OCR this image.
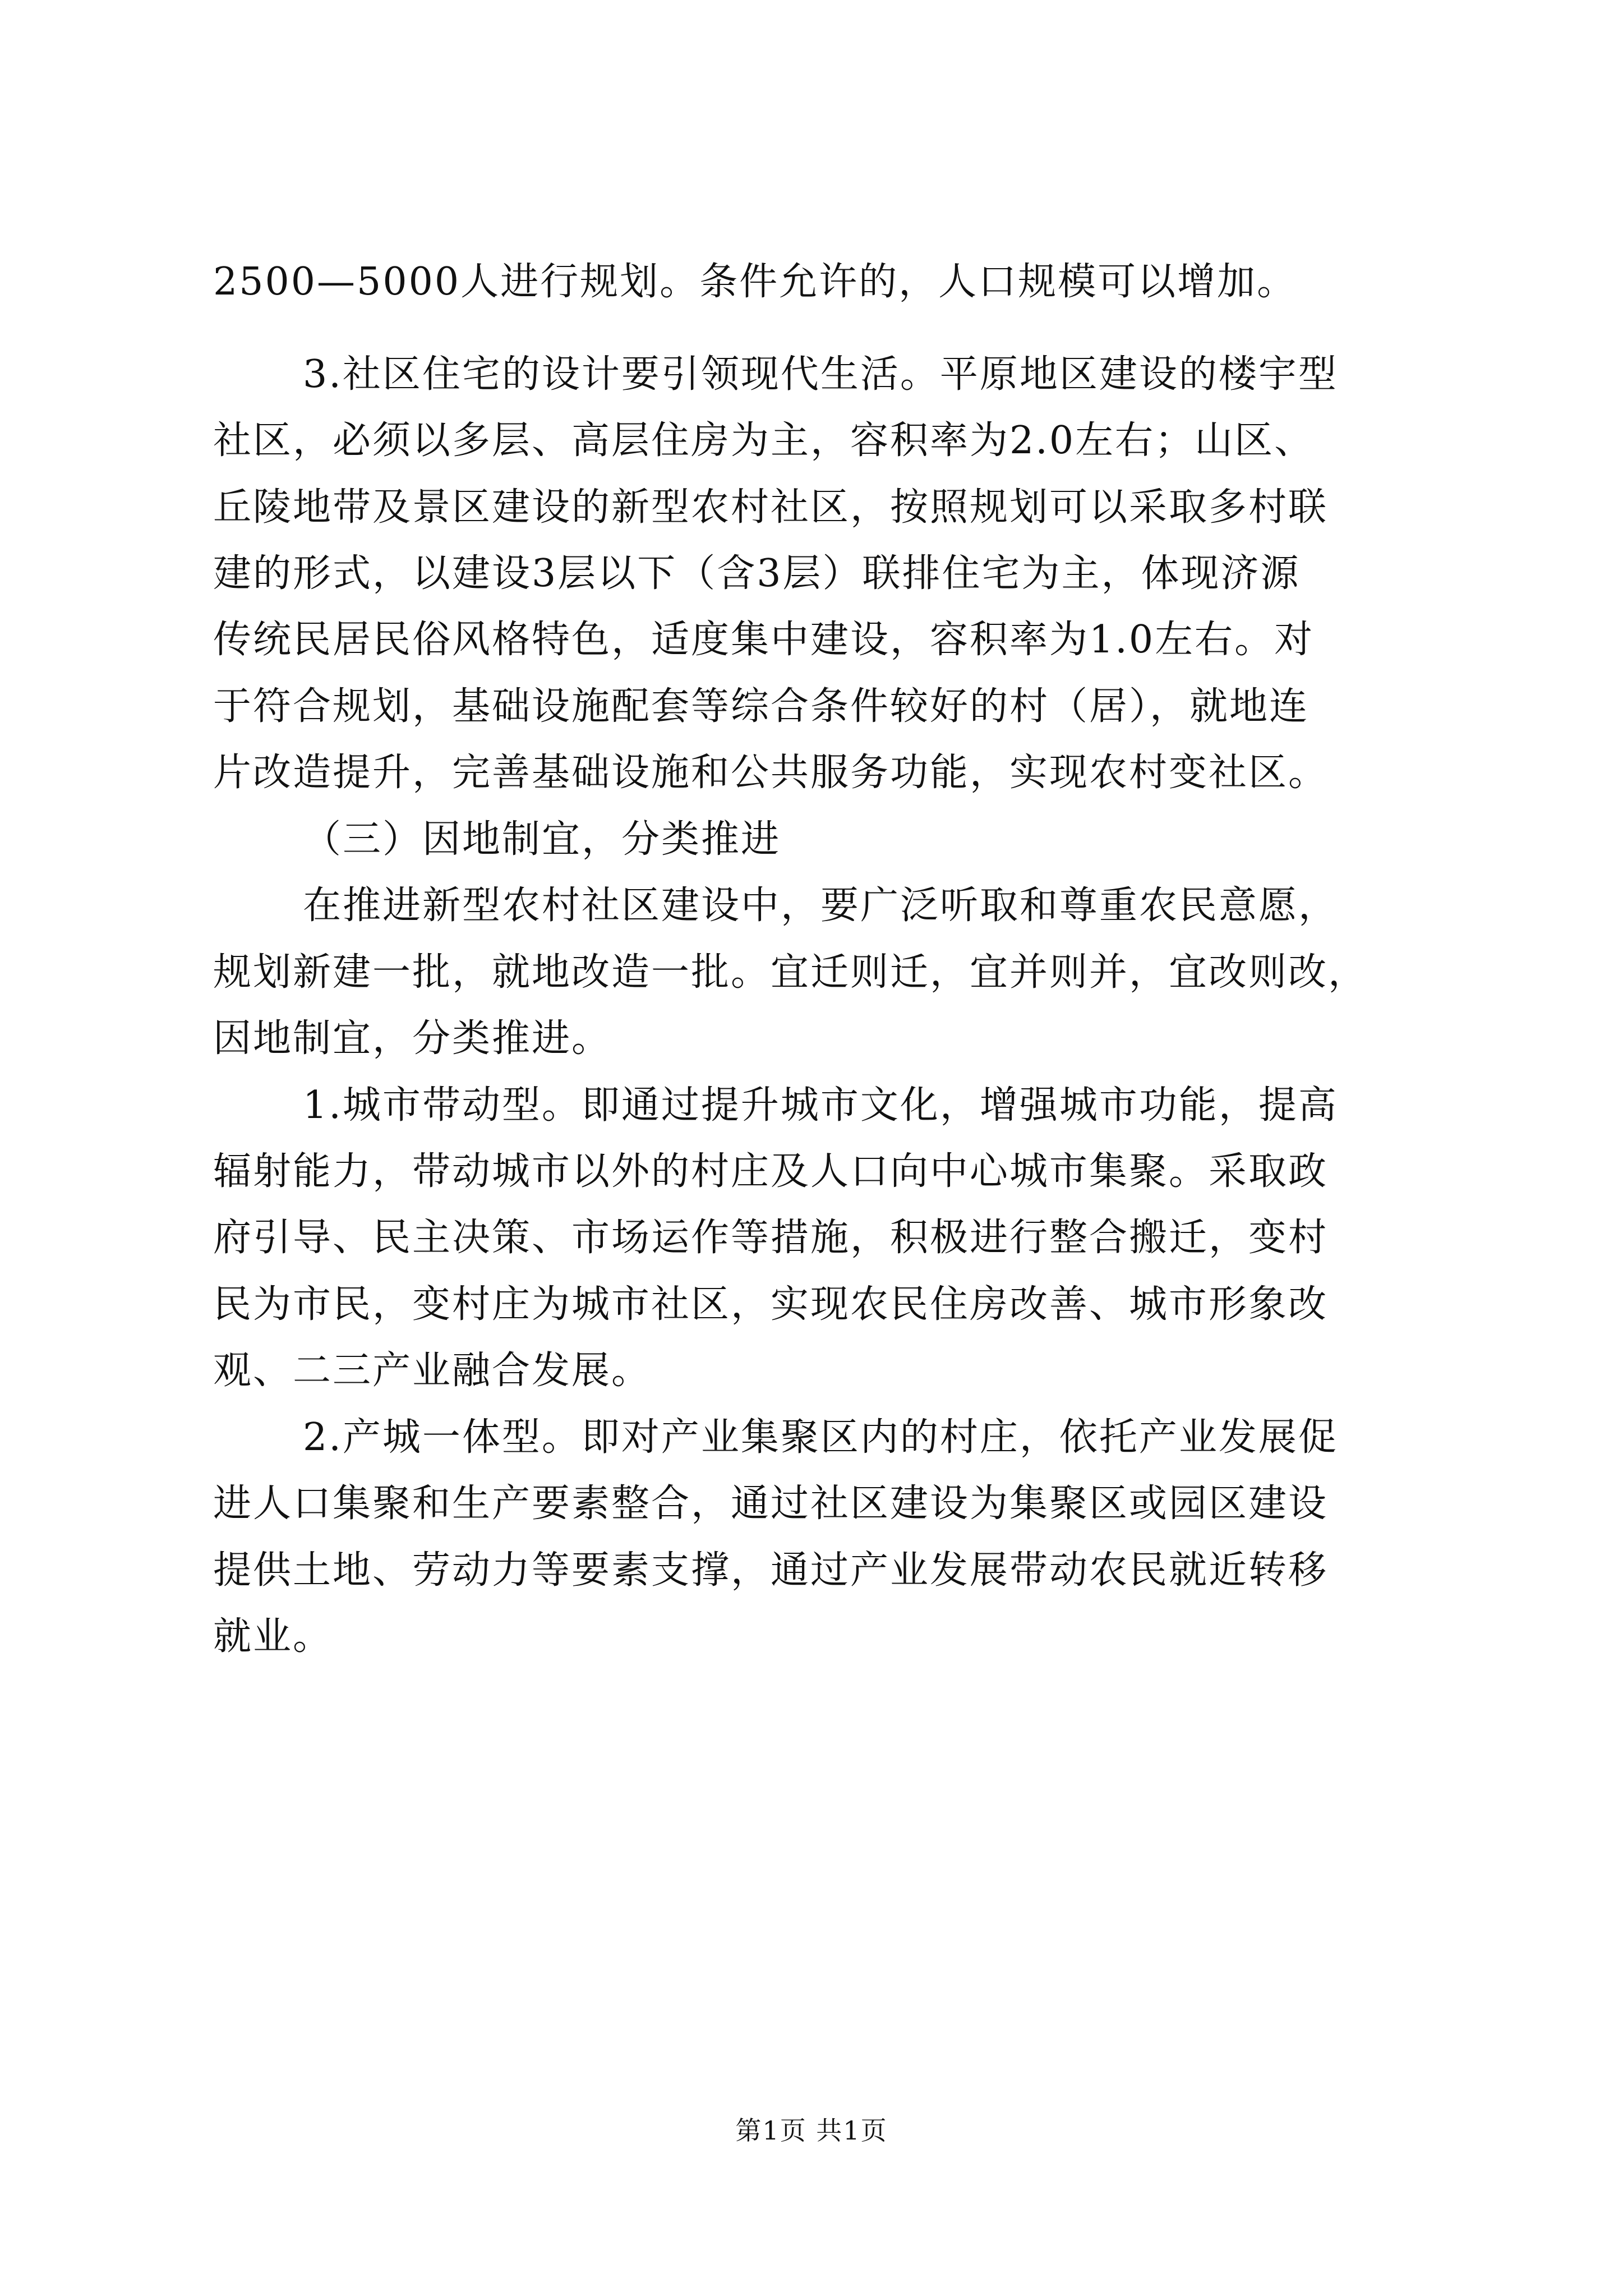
2500—5000人进行规划。条件允许的，人口规模可以增加。
3.社区住宅的设计要引领现代生活。平原地区建设的楼宇型
社区，必须以多层、高层住房为主，容积率为2.0左右；山区、
丘陵地带及景区建设的新型农村社区，按照规划可以采取多村联
建的形式，以建设3层以下（含3层）联排住宅为主，体现济源
传统民居民俗风格特色，适度集中建设，容积率为1.0左右。对
于符合规划，基础设施配套等综合条件较好的村（居），就地连
片改造提升，完善基础设施和公共服务功能，实现农村变社区。
（三）因地制宜，分类推进
在推进新型农村社区建设中，要广泛听取和尊重农民意愿，
规划新建一批，就地改造一批。宜迁则迁，宜并则并，宜改则改，
因地制宜，分类推进。
1.城市带动型。即通过提升城市文化，增强城市功能，提高
辐射能力，带动城市以外的村庄及人口向中心城市集聚。采取政
府引导、民主决策、市场运作等措施，积极进行整合搬迁，变村
民为市民，变村庄为城市社区，实现农民住房改善、城市形象改
观、二三产业融合发展。
2.产城一体型。即对产业集聚区内的村庄，依托产业发展促
进人口集聚和生产要素整合，通过社区建设为集聚区或园区建设
提供土地、劳动力等要素支撑，通过产业发展带动农民就近转移
就业。
第1页 共1页
